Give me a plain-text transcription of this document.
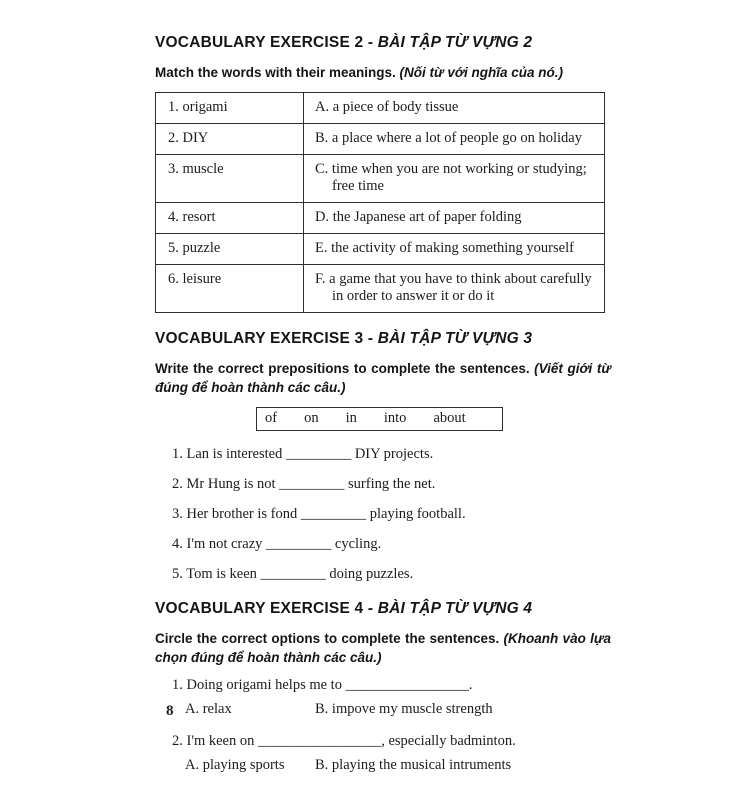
VOCABULARY EXERCISE 2 - BÀI TẬP TỪ VỰNG 2

Match the words with their meanings. (Nối từ với nghĩa của nó.)

1. origami	A. a piece of body tissue
2. DIY	B. a place where a lot of people go on holiday
3. muscle	C. time when you are not working or studying; free time
4. resort	D. the Japanese art of paper folding
5. puzzle	E. the activity of making something yourself
6. leisure	F. a game that you have to think about carefully in order to answer it or do it
VOCABULARY EXERCISE 3 - BÀI TẬP TỪ VỰNG 3

Write the correct prepositions to complete the sentences. (Viết giới từ đúng để hoàn thành các câu.)

of on in into about

1. Lan is interested _________ DIY projects.

2. Mr Hung is not _________ surfing the net.

3. Her brother is fond _________ playing football.

4. I'm not crazy _________ cycling.

5. Tom is keen _________ doing puzzles.

VOCABULARY EXERCISE 4 - BÀI TẬP TỪ VỰNG 4

Circle the correct options to complete the sentences. (Khoanh vào lựa chọn đúng để hoàn thành các câu.)

1. Doing origami helps me to _________________.

A. relax	B. impove my muscle strength

2. I'm keen on _________________, especially badminton.

A. playing sports	B. playing the musical intruments
8
